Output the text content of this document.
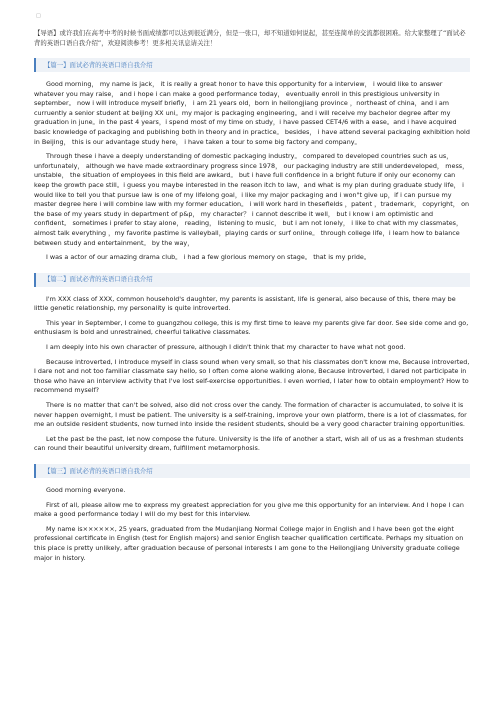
□

【导语】或许我们在高考中考的时候书面成绩都可以达到很近满分，但是一张口，却不知道如何说起，甚至连简单的交流都很困难。给大家整理了“面试必背的英语口语自我介绍”，欢迎阅读参考！更多相关讯息请关注！

【篇一】面试必背的英语口语自我介绍

Good morning， my name is jack， it is really a great honor to have this opportunity for a interview， i would like to answer whatever you may raise， and i hope i can make a good performance today， eventually enroll in this prestigious university in september。 now i will introduce myself briefly， i am 21 years old，born in heilongjiang province ，northeast of china，and i am curruently a senior student at beijing XX uni。my major is packaging engineering。and i will receive my bachelor degree after my graduation in june。in the past 4 years，i spend most of my time on study，i have passed CET4/6 with a ease。and i have acquired basic knowledge of packaging and publishing both in theory and in practice。 besides， i have attend several packaging exhibition hold in Beijing， this is our advantage study here， i have taken a tour to some big factory and company。

Through these i have a deeply understanding of domestic packaging industry。 compared to developed countries such as us， unfortunately， although we have made extraordinary progress since 1978， our packaging industry are still underdeveloped， mess， unstable， the situation of employees in this field are awkard。 but i have full confidence in a bright future if only our economy can keep the growth pace still。i guess you maybe interested in the reason itch to law，and what is my plan during graduate study life， i would like to tell you that pursue law is one of my lifelong goal，i like my major packaging and i won"t give up，if i can pursue my master degree here i will combine law with my former education。 i will work hard in thesefields ，patent ，trademark， copyright， on the base of my years study in department of p&p， my character？ i cannot describe it well， but i know i am optimistic and confident。 sometimes i prefer to stay alone， reading， listening to music， but i am not lonely， i like to chat with my classmates， almost talk everything ，my favorite pastime is valleyball，playing cards or surf online。 through college life，i learn how to balance between study and entertainment。 by the way，

I was a actor of our amazing drama club。 i had a few glorious memory on stage。 that is my pride。

【篇二】面试必背的英语口语自我介绍

I'm XXX class of XXX, common household's daughter, my parents is assistant, life is general, also because of this, there may be little genetic relationship, my personality is quite introverted.

This year in September, I come to guangzhou college, this is my first time to leave my parents give far door. See side come and go, enthusiasm is bold and unrestrained, cheerful talkative classmates.

I am deeply into his own character of pressure, although I didn't think that my character to have what not good.

Because introverted, I introduce myself in class sound when very small, so that his classmates don't know me, Because introverted, I dare not and not too familiar classmate say hello, so I often come alone walking alone, Because introverted, I dared not participate in those who have an interview activity that I've lost self-exercise opportunities. I even worried, I later how to obtain employment? How to recommend myself?

There is no matter that can't be solved, also did not cross over the candy. The formation of character is accumulated, to solve it is never happen overnight, I must be patient. The university is a self-training, improve your own platform, there is a lot of classmates, for me an outside resident students, now turned into inside the resident students, should be a very good character training opportunities.

Let the past be the past, let now compose the future. University is the life of another a start, wish all of us as a freshman students can round their beautiful university dream, fulfillment metamorphosis.

【篇三】面试必背的英语口语自我介绍

Good morning everyone.

First of all, please allow me to express my greatest appreciation for you give me this opportunity for an interview. And I hope I can make a good performance today I will do my best for this interview.

My name is××××××, 25 years, graduated from the Mudanjiang Normal College major in English and I have been got the eight professional certificate in English (test for English majors) and senior English teacher qualification certificate. Perhaps my situation on this place is pretty unlikely, after graduation because of personal interests I am gone to the Heilongjiang University graduate college major in history.
